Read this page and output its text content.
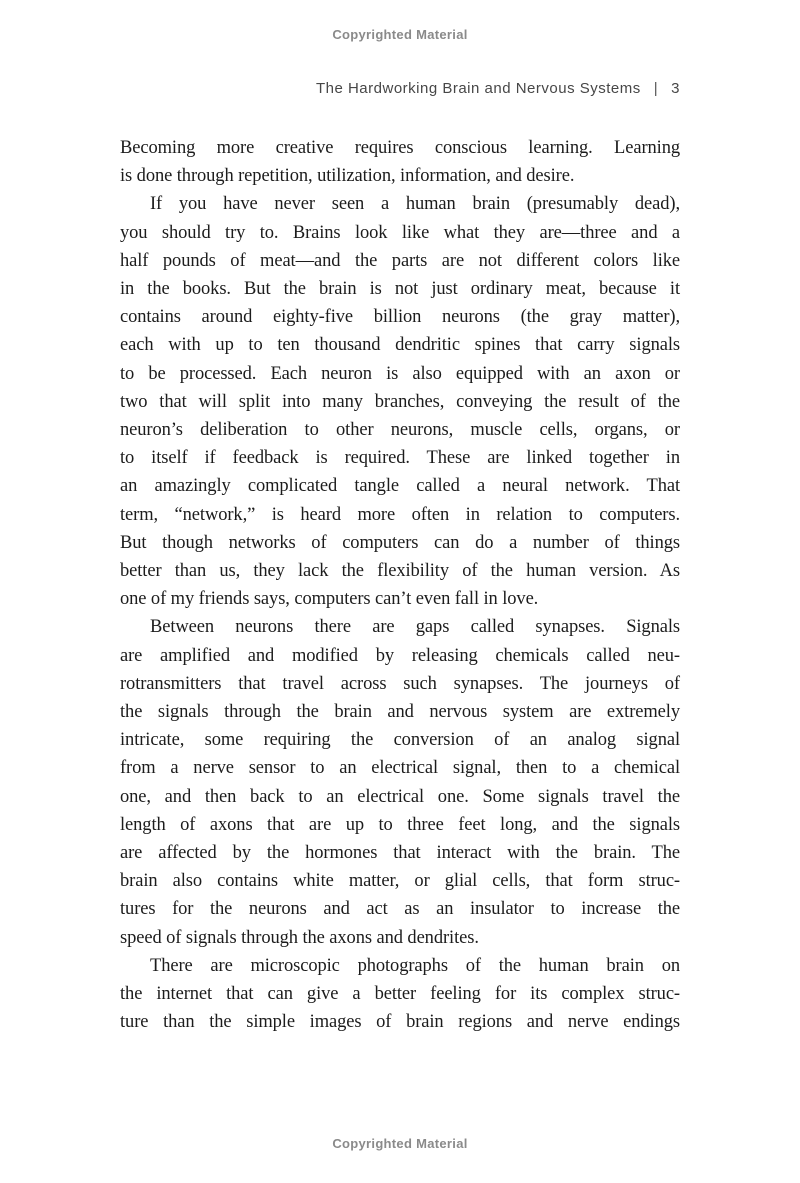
Copyrighted Material
The Hardworking Brain and Nervous Systems | 3
Becoming more creative requires conscious learning. Learning
is done through repetition, utilization, information, and desire.
If you have never seen a human brain (presumably dead),
you should try to. Brains look like what they are—three and a
half pounds of meat—and the parts are not different colors like
in the books. But the brain is not just ordinary meat, because it
contains around eighty-five billion neurons (the gray matter),
each with up to ten thousand dendritic spines that carry signals
to be processed. Each neuron is also equipped with an axon or
two that will split into many branches, conveying the result of the
neuron’s deliberation to other neurons, muscle cells, organs, or
to itself if feedback is required. These are linked together in
an amazingly complicated tangle called a neural network. That
term, “network,” is heard more often in relation to computers.
But though networks of computers can do a number of things
better than us, they lack the flexibility of the human version. As
one of my friends says, computers can’t even fall in love.
Between neurons there are gaps called synapses. Signals
are amplified and modified by releasing chemicals called neu-
rotransmitters that travel across such synapses. The journeys of
the signals through the brain and nervous system are extremely
intricate, some requiring the conversion of an analog signal
from a nerve sensor to an electrical signal, then to a chemical
one, and then back to an electrical one. Some signals travel the
length of axons that are up to three feet long, and the signals
are affected by the hormones that interact with the brain. The
brain also contains white matter, or glial cells, that form struc-
tures for the neurons and act as an insulator to increase the
speed of signals through the axons and dendrites.
There are microscopic photographs of the human brain on
the internet that can give a better feeling for its complex struc-
ture than the simple images of brain regions and nerve endings
Copyrighted Material
